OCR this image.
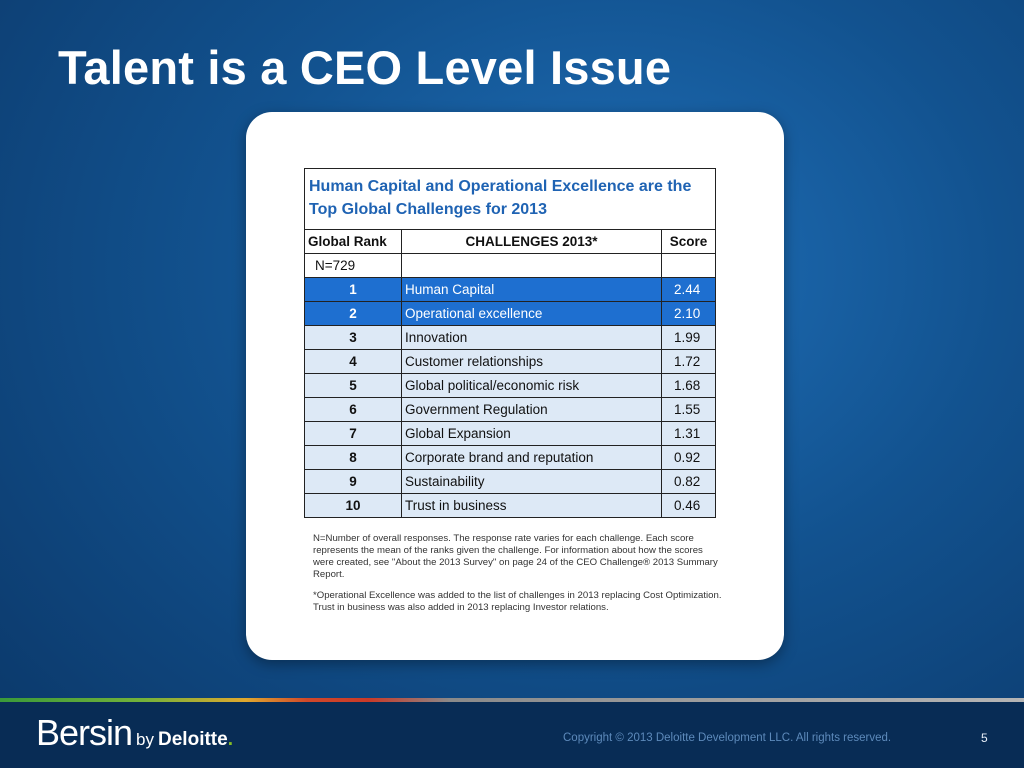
Talent is a CEO Level Issue
Human Capital and Operational Excellence are the Top Global Challenges for 2013		
Global Rank	CHALLENGES 2013*	Score
N=729		
1	Human Capital	2.44
2	Operational excellence	2.10
3	Innovation	1.99
4	Customer relationships	1.72
5	Global political/economic risk	1.68
6	Government Regulation	1.55
7	Global Expansion	1.31
8	Corporate brand and reputation	0.92
9	Sustainability	0.82
10	Trust in business	0.46
N=Number of overall responses. The response rate varies for each challenge. Each score represents the mean of the ranks given the challenge. For information about how the scores were created, see "About the 2013 Survey" on page 24 of the CEO Challenge® 2013 Summary Report.
*Operational Excellence was added to the list of challenges in 2013 replacing Cost Optimization. Trust in business was also added in 2013 replacing Investor relations.
Bersin by Deloitte.	Copyright © 2013 Deloitte Development LLC. All rights reserved.	5
